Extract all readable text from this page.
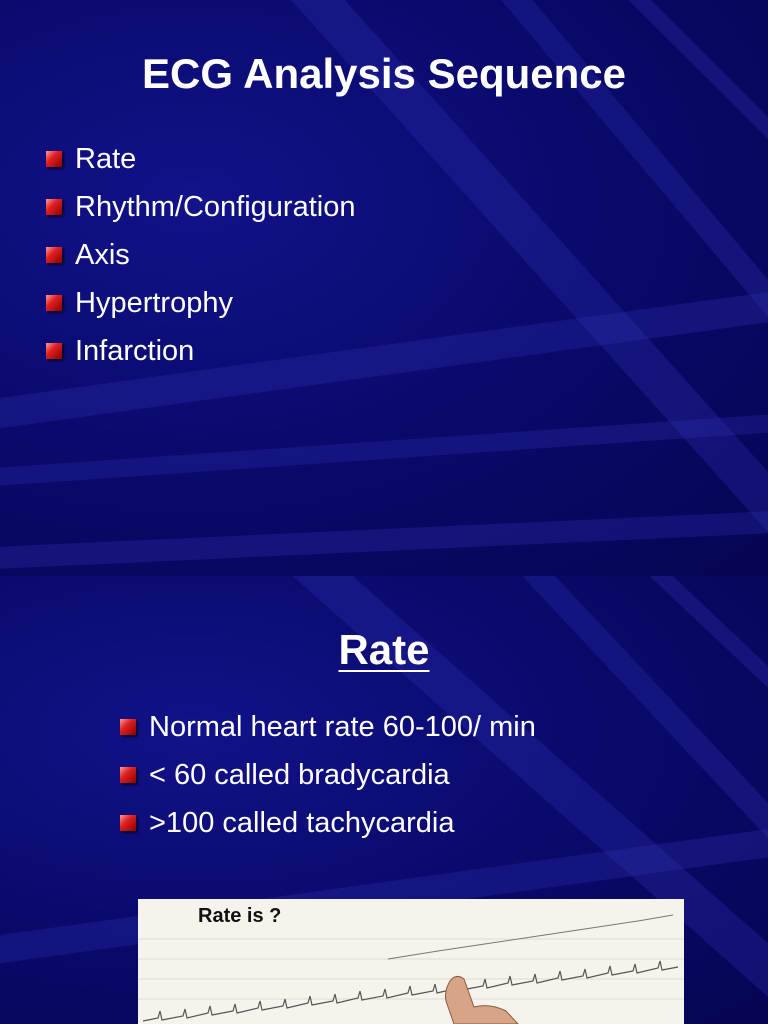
ECG Analysis Sequence
Rate
Rhythm/Configuration
Axis
Hypertrophy
Infarction
Rate
Normal heart rate 60-100/ min
< 60 called bradycardia
>100 called tachycardia
Rate is ?
